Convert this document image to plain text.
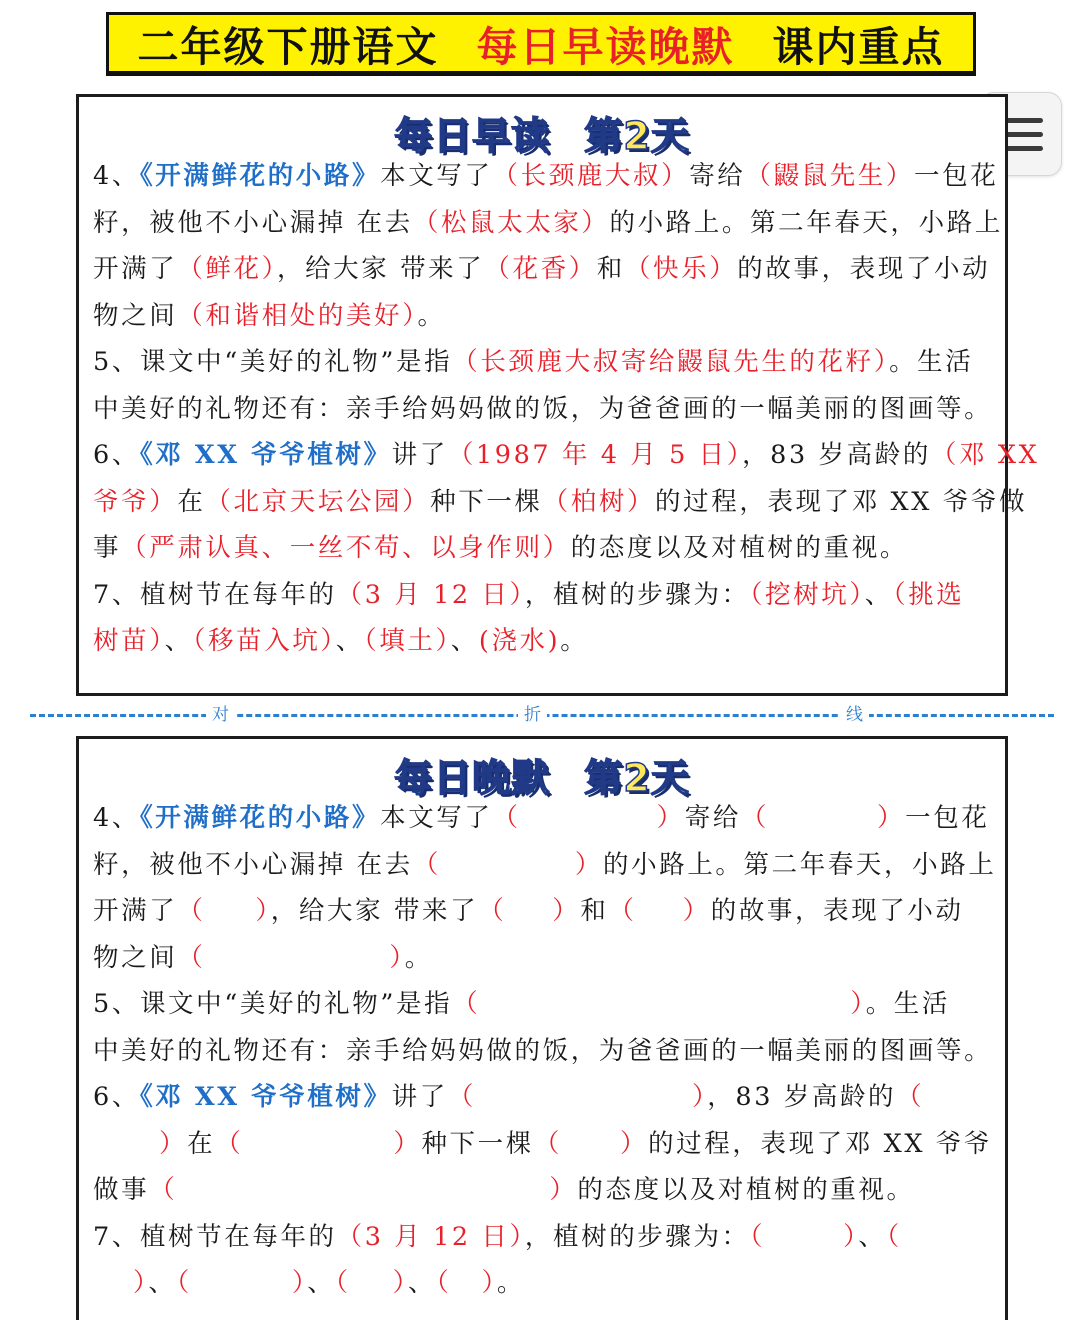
二年级下册语文 每日早读晚默 课内重点
每日早读 第2天

4、《开满鲜花的小路》本文写了（长颈鹿大叔）寄给（鼹鼠先生）一包花

籽，被他不小心漏掉 在去（松鼠太太家）的小路上。第二年春天，小路上

开满了（鲜花），给大家 带来了（花香）和（快乐）的故事，表现了小动

物之间（和谐相处的美好）。

5、课文中“美好的礼物”是指（长颈鹿大叔寄给鼹鼠先生的花籽）。生活

中美好的礼物还有：亲手给妈妈做的饭，为爸爸画的一幅美丽的图画等。

6、《邓 XX 爷爷植树》讲了（1987 年 4 月 5 日），83 岁高龄的（邓 XX

爷爷）在（北京天坛公园）种下一棵（柏树）的过程，表现了邓 XX 爷爷做

事（严肃认真、一丝不苟、以身作则）的态度以及对植树的重视。

7、植树节在每年的（3 月 12 日），植树的步骤为：（挖树坑）、（挑选

树苗）、（移苗入坑）、（填土）、(浇水)。

对	折	线
每日晚默 第2天

4、《开满鲜花的小路》本文写了（	）寄给（	）一包花

籽，被他不小心漏掉 在去（	）的小路上。第二年春天，小路上

开满了（ ），给大家 带来了（ ）和（ ）的故事，表现了小动

物之间（	）。

5、课文中“美好的礼物”是指（	）。生活

中美好的礼物还有：亲手给妈妈做的饭，为爸爸画的一幅美丽的图画等。

6、《邓 XX 爷爷植树》讲了（	），83 岁高龄的（

）在（	）种下一棵（ ）的过程，表现了邓 XX 爷爷

做事（	）的态度以及对植树的重视。

7、植树节在每年的（3 月 12 日），植树的步骤为：（	）、（

）、（	）、（ ）、（ ）。
